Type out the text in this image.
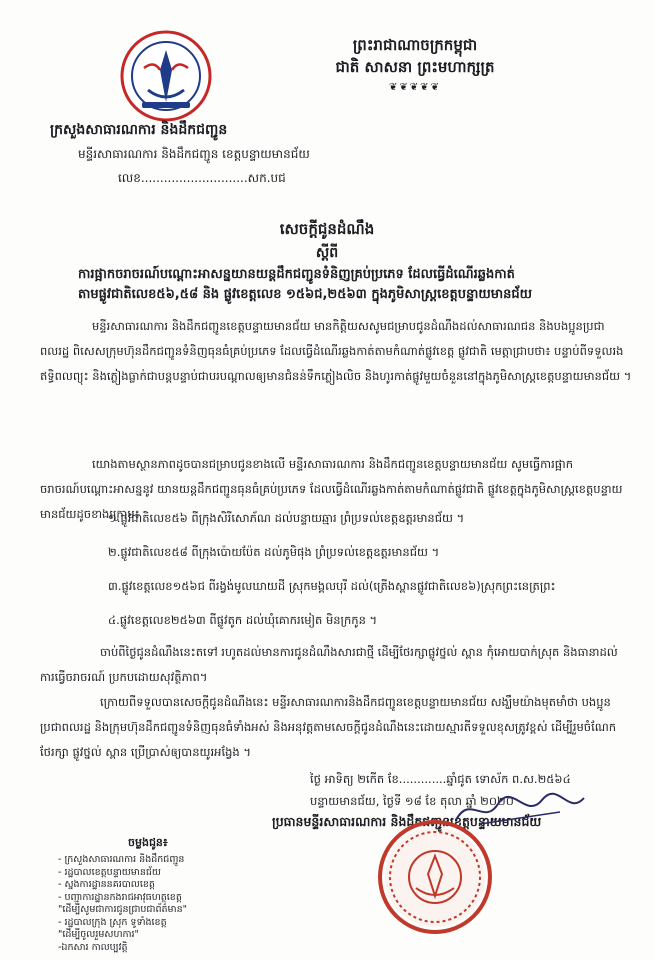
ព្រះរាជាណាចក្រកម្ពុជា
ជាតិ សាសនា ព្រះមហាក្សត្រ
❦❦❦❦❦
ក្រសួងសាធារណការ និងដឹកជញ្ជូន
មន្ទីរសាធារណការ និងដឹកជញ្ជូន ខេត្តបន្ទាយមានជ័យ
លេខ............................សក.បជ
សេចក្តីជូនដំណឹង
ស្តីពី
ការផ្អាកចរាចរណ៍បណ្តោះអាសន្នយានយន្តដឹកជញ្ជូនទំនិញគ្រប់ប្រភេទ ដែលធ្វើដំណើរឆ្លងកាត់
តាមផ្លូវជាតិលេខ៥៦,៥៨ និង ផ្លូវខេត្តលេខ ១៥៦ជ,២៥៦៣ ក្នុងភូមិសាស្ត្រខេត្តបន្ទាយមានជ័យ
មន្ទីរសាធារណការ និងដឹកជញ្ជូនខេត្តបន្ទាយមានជ័យ មានកិត្តិយសសូមជម្រាបជូនដំណឹងដល់សាធារណជន និងបងប្អូនប្រជាពលរដ្ឋ ពិសេសក្រុមហ៊ុនដឹកជញ្ជូនទំនិញធុនធំគ្រប់ប្រភេទ ដែលធ្វើដំណើរឆ្លងកាត់តាមកំណាត់ផ្លូវខេត្ត ផ្លូវជាតិ មេត្តាជ្រាបថា៖ បន្ទាប់ពីទទួលរងឥទ្ធិពលព្យុះ និងភ្លៀងធ្លាក់ជាបន្តបន្ទាប់ជាបរបណ្តាលឲ្យមានជំនន់ទឹកភ្លៀងលិច និងហូរកាត់ផ្លូវមួយចំនួននៅក្នុងភូមិសាស្ត្រខេត្តបន្ទាយមានជ័យ ។
យោងតាមស្ថានភាពដូចបានជម្រាបជូនខាងលើ មន្ទីរសាធារណការ និងដឹកជញ្ជូនខេត្តបន្ទាយមានជ័យ សូមធ្វើការផ្អាកចរាចរណ៍បណ្តោះអាសន្ននូវ យានយន្តដឹកជញ្ជូនធុនធំគ្រប់ប្រភេទ ដែលធ្វើដំណើរឆ្លងកាត់តាមកំណាត់ផ្លូវជាតិ ផ្លូវខេត្តក្នុងភូមិសាស្ត្រខេត្តបន្ទាយមានជ័យដូចខាងក្រោម៖
១.ផ្លូវជាតិលេខ៥៦ ពីក្រុងសិរីសោភ័ណ ដល់បន្ទាយឆ្មារ ព្រំប្រទល់ខេត្តឧត្តរមានជ័យ ។
២.ផ្លូវជាតិលេខ៥៨ ពីក្រុងប៉ោយប៉ែត ដល់ភូមិផុង ព្រំប្រទល់ខេត្តឧត្តរមានជ័យ ។
៣.ផ្លូវខេត្តលេខ១៥៦ជ ពីរង្វង់មូលឃាយដី ស្រុកមង្គលបុរី ដល់(ត្រើងស្ពានផ្លូវជាតិលេខ៦)ស្រុកព្រះនេត្រព្រះ
៤.ផ្លូវខេត្តលេខ២៥៦៣ ពីផ្លូវតូក ដល់ឃុំគោករមៀត មិនក្រកូន ។
ចាប់ពីថ្ងៃជូនដំណឹងនេះតទៅ រហូតដល់មានការជូនដំណឹងសារជាថ្មី ដើម្បីថែរក្សាផ្លូវថ្នល់ ស្ពាន កុំអោយបាក់ស្រុត និងធានាដល់ការធ្វើចរាចរណ៍ ប្រកបដោយសុវត្ថិភាព។
ក្រោយពីទទួលបានសេចក្តីជូនដំណឹងនេះ មន្ទីរសាធារណការនិងដឹកជញ្ជូនខេត្តបន្ទាយមានជ័យ សង្ឃឹមយ៉ាងមុតមាំថា បងប្អូនប្រជាពលរដ្ឋ និងក្រុមហ៊ុនដឹកជញ្ជូនទំនិញធុនធំទាំងអស់ និងអនុវត្តតាមសេចក្តីជូនដំណឹងនេះដោយស្មារតីទទួលខុសត្រូវខ្ពស់ ដើម្បីរួមចំណែកថែរក្សា ផ្លូវថ្នល់ ស្ពាន ប្រើប្រាស់ឲ្យបានយូរអង្វែង ។
ថ្ងៃ អាទិត្យ ២កើត ខែ.............ឆ្នាំជូត ទោស័ក ព.ស.២៥៦៤
បន្ទាយមានជ័យ, ថ្ងៃទី ១៨ ខែ តុលា ឆ្នាំ ២០២០
ប្រធានមន្ទីរសាធារណការ និងដឹកជញ្ជូនខេត្តបន្ទាយមានជ័យ
ចម្លងជូន៖
- ក្រសួងសាធារណការ និងដឹកជញ្ជូន
- រដ្ឋបាលខេត្តបន្ទាយមានជ័យ
- ស្នងការដ្ឋាននគរបាលខេត្ត
- បញ្ជាការដ្ឋានកងរាជអាវុធហត្ថខេត្ត
"ដើម្បីសូមជាការជូនជ្រាបជាព័ត៌មាន"
- រដ្ឋបាលក្រុង ស្រុក ទូទាំងខេត្ត
"ដើម្បីចូលរួមសហការ"
-ឯកសារ កាលប្បវត្តិ
